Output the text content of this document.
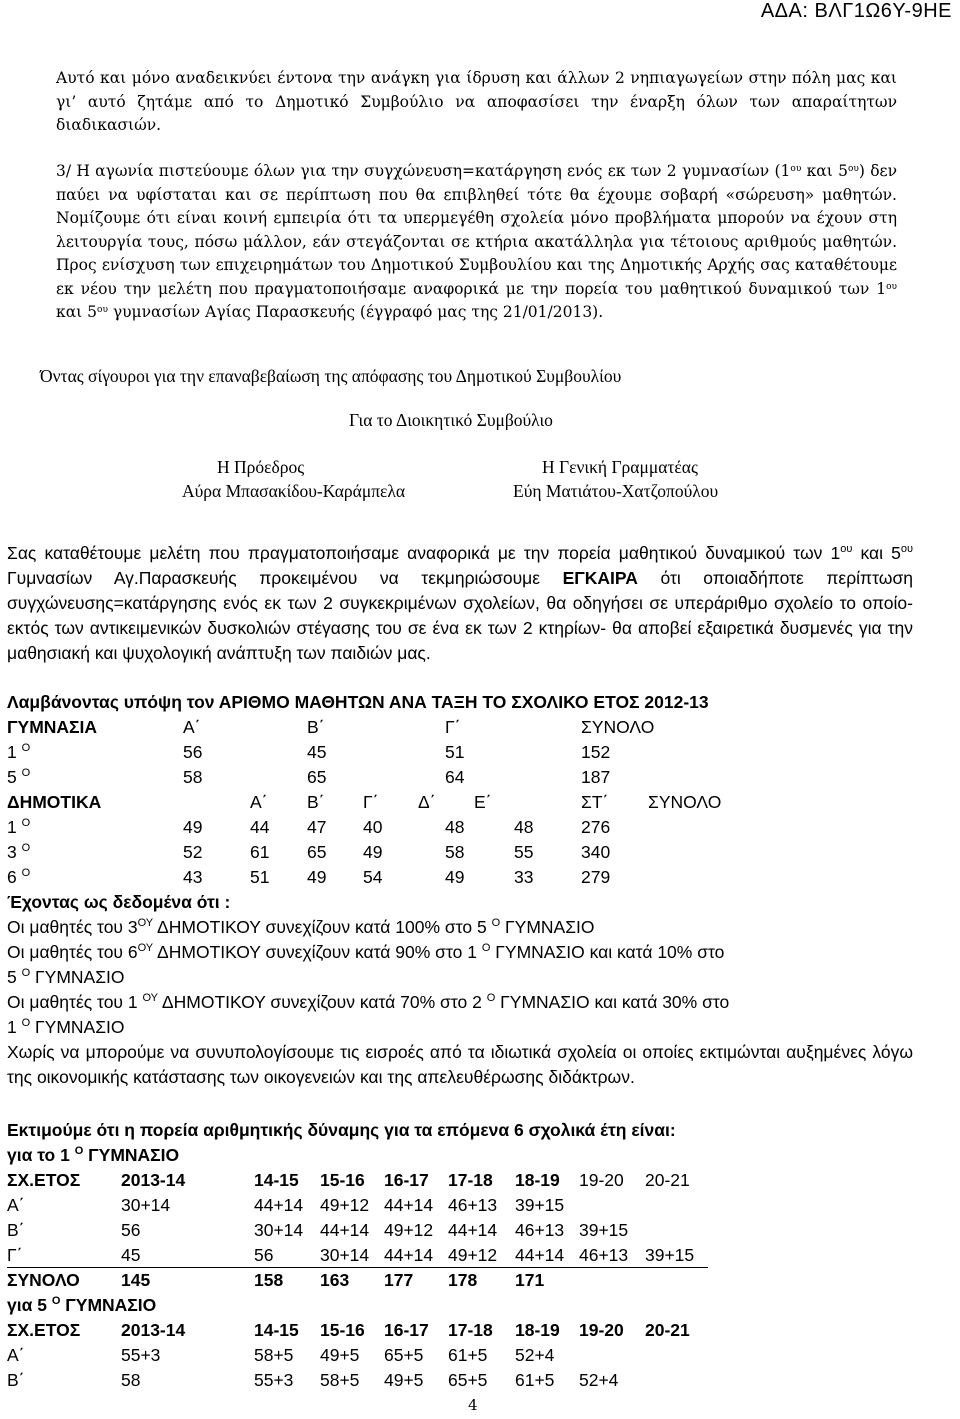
ΑΔΑ: ΒΛΓ1Ω6Υ-9ΗΕ
Αυτό και μόνο αναδεικνύει έντονα την ανάγκη για ίδρυση και άλλων 2 νηπιαγωγείων στην πόλη μας και γι’ αυτό ζητάμε από το Δημοτικό Συμβούλιο να αποφασίσει την έναρξη όλων των απαραίτητων διαδικασιών.
3/ Η αγωνία πιστεύουμε όλων για την συγχώνευση=κατάργηση ενός εκ των 2 γυμνασίων ($1^{o\upsilon}$ και $5^{o\upsilon}$) δεν παύει να υφίσταται και σε περίπτωση που θα επιβληθεί τότε θα έχουμε σοβαρή «σώρευση» μαθητών. Νομίζουμε ότι είναι κοινή εμπειρία ότι τα υπερμεγέθη σχολεία μόνο προβλήματα μπορούν να έχουν στη λειτουργία τους, πόσω μάλλον, εάν στεγάζονται σε κτήρια ακατάλληλα για τέτοιους αριθμούς μαθητών. Προς ενίσχυση των επιχειρημάτων του Δημοτικού Συμβουλίου και της Δημοτικής Αρχής σας καταθέτουμε εκ νέου την μελέτη που πραγματοποιήσαμε αναφορικά με την πορεία του μαθητικού δυναμικού των $1^{o\upsilon}$ και $5^{o\upsilon}$ γυμνασίων Αγίας Παρασκευής (έγγραφό μας της 21/01/2013).
Όντας σίγουροι για την επαναβεβαίωση της απόφασης του Δημοτικού Συμβουλίου
Για το Διοικητικό Συμβούλιο
Η Πρόεδρος
Αύρα Μπασακίδου-Καράμπελα
Η Γενική Γραμματέας
Εύη Ματιάτου-Χατζοπούλου
Σας καταθέτουμε μελέτη που πραγματοποιήσαμε αναφορικά με την πορεία μαθητικού δυναμικού των $1^{o\upsilon}$ και $5^{o\upsilon}$ Γυμνασίων Αγ.Παρασκευής προκειμένου να τεκμηριώσουμε ΕΓΚΑΙΡΑ ότι οποιαδήποτε περίπτωση συγχώνευσης=κατάργησης ενός εκ των 2 συγκεκριμένων σχολείων, θα οδηγήσει σε υπεράριθμο σχολείο το οποίο-εκτός των αντικειμενικών δυσκολιών στέγασης του σε ένα εκ των 2 κτηρίων- θα αποβεί εξαιρετικά δυσμενές για την μαθησιακή και ψυχολογική ανάπτυξη των παιδιών μας.
Λαμβάνοντας υπόψη τον ΑΡΙΘΜΟ ΜΑΘΗΤΩΝ ΑΝΑ ΤΑΞΗ ΤΟ ΣΧΟΛΙΚΟ ΕΤΟΣ 2012-13
ΓΥΜΝΑΣΙΑ	Α΄	Β΄	Γ΄	ΣΥΝΟΛΟ
1 $^O$	56	45	51	152
5 $^O$	58	65	64	187
ΔΗΜΟΤΙΚΑ	Α΄ Β΄ Γ΄ Δ΄ Ε΄	ΣΤ΄ ΣΥΝΟΛΟ
1 $^O$	49	44 47 40	48	48	276
3 $^O$	52	61 65 49	58	55	340
6 $^O$	43	51 49 54	49	33	279
Έχοντας ως δεδομένα ότι :
Οι μαθητές του $3^{O\Upsilon}$ ΔΗΜΟΤΙΚΟΥ συνεχίζουν κατά 100% στο 5 $^O$ ΓΥΜΝΑΣΙΟ
Οι μαθητές του $6^{O\Upsilon}$ ΔΗΜΟΤΙΚΟΥ συνεχίζουν κατά 90% στο 1 $^O$ ΓΥΜΝΑΣΙΟ και κατά 10% στο
5 $^O$ ΓΥΜΝΑΣΙΟ
Οι μαθητές του 1 $^{O\Upsilon}$ ΔΗΜΟΤΙΚΟΥ συνεχίζουν κατά 70% στο 2 $^O$ ΓΥΜΝΑΣΙΟ και κατά 30% στο
1 $^O$ ΓΥΜΝΑΣΙΟ
Χωρίς να μπορούμε να συνυπολογίσουμε τις εισροές από τα ιδιωτικά σχολεία οι οποίες εκτιμώνται αυξημένες λόγω της οικονομικής κατάστασης των οικογενειών και της απελευθέρωσης διδάκτρων.
Εκτιμούμε ότι η πορεία αριθμητικής δύναμης για τα επόμενα 6 σχολικά έτη είναι:
για το 1 $^O$ ΓΥΜΝΑΣΙΟ
ΣΧ.ΕΤΟΣ 2013-14	14-15 15-16 16-17 17-18 18-19 19-20 20-21
Α΄	30+14	44+14 49+12 44+14 46+13 39+15
Β΄	56	30+14 44+14 49+12 44+14 46+13 39+15
Γ΄	45	56	30+14 44+14 49+12 44+14 46+13 39+15
ΣΥΝΟΛΟ 145	158 163 177 178 171
για 5 $^O$ ΓΥΜΝΑΣΙΟ
ΣΧ.ΕΤΟΣ 2013-14	14-15 15-16 16-17 17-18 18-19 19-20 20-21
Α΄	55+3	58+5 49+5 65+5 61+5 52+4
Β΄	58	55+3 58+5 49+5 65+5 61+5 52+4
4
